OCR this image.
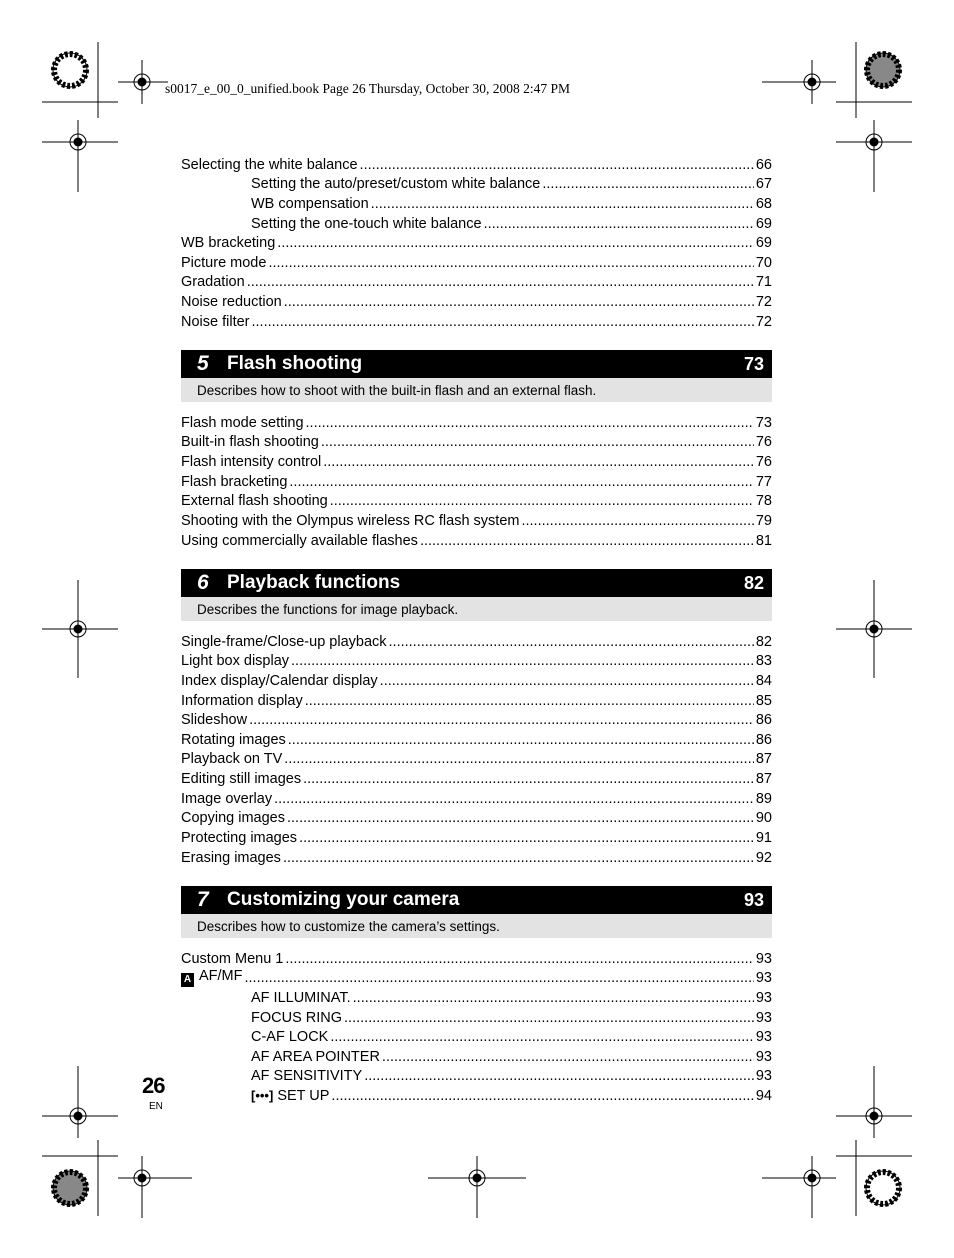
s0017_e_00_0_unified.book Page 26 Thursday, October 30, 2008 2:47 PM
Selecting the white balance .....	66
Setting the auto/preset/custom white balance .....	67
WB compensation .....	68
Setting the one-touch white balance .....	69
WB bracketing .....	69
Picture mode .....	70
Gradation .....	71
Noise reduction .....	72
Noise filter .....	72
5 Flash shooting	73
Describes how to shoot with the built-in flash and an external flash.
Flash mode setting .....	73
Built-in flash shooting .....	76
Flash intensity control .....	76
Flash bracketing .....	77
External flash shooting .....	78
Shooting with the Olympus wireless RC flash system .....	79
Using commercially available flashes .....	81
6 Playback functions	82
Describes the functions for image playback.
Single-frame/Close-up playback .....	82
Light box display .....	83
Index display/Calendar display .....	84
Information display .....	85
Slideshow .....	86
Rotating images .....	86
Playback on TV .....	87
Editing still images .....	87
Image overlay .....	89
Copying images .....	90
Protecting images .....	91
Erasing images .....	92
7 Customizing your camera	93
Describes how to customize the camera’s settings.
Custom Menu 1 .....	93
A AF/MF .....	93
AF ILLUMINAT. .....	93
FOCUS RING .....	93
C-AF LOCK .....	93
AF AREA POINTER .....	93
AF SENSITIVITY .....	93
[•••] SET UP .....	94
26
EN
